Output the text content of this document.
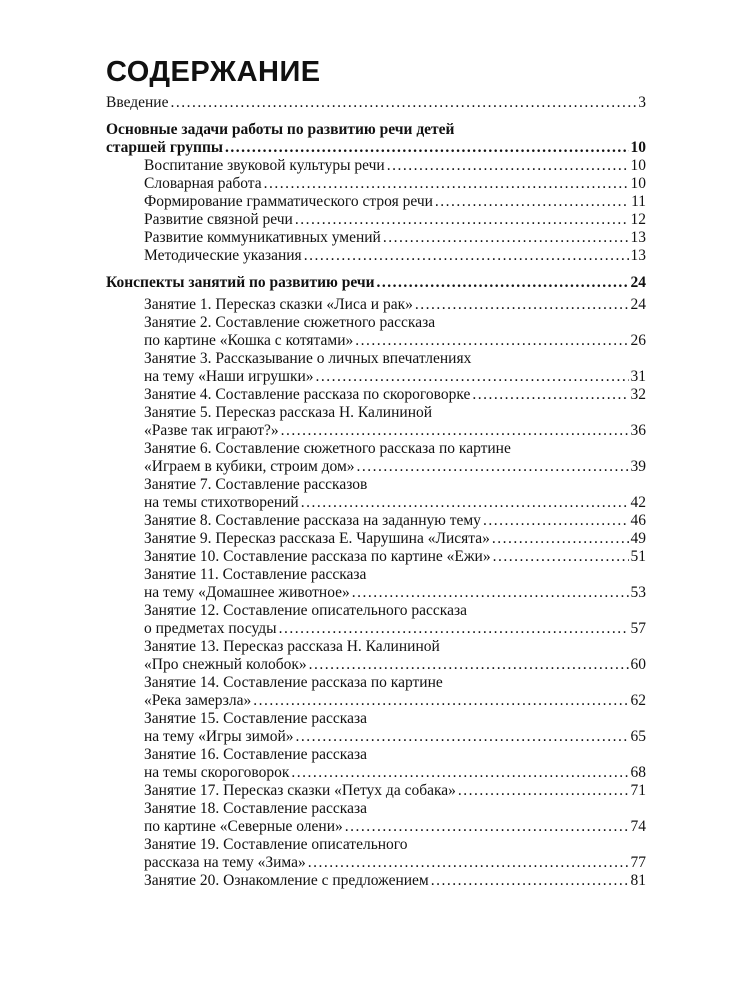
СОДЕРЖАНИЕ
Введение .....	3
Основные задачи работы по развитию речи детей
старшей группы .....	10
Воспитание звуковой культуры речи .....	10
Словарная работа .....	10
Формирование грамматического строя речи .....	11
Развитие связной речи .....	12
Развитие коммуникативных умений .....	13
Методические указания .....	13
Конспекты занятий по развитию речи .....	24
Занятие 1. Пересказ сказки «Лиса и рак» .....	24
Занятие 2. Составление сюжетного рассказа
по картине «Кошка с котятами» .....	26
Занятие 3. Рассказывание о личных впечатлениях
на тему «Наши игрушки» .....	31
Занятие 4. Составление рассказа по скороговорке .....	32
Занятие 5. Пересказ рассказа Н. Калининой
«Разве так играют?» .....	36
Занятие 6. Составление сюжетного рассказа по картине
«Играем в кубики, строим дом» .....	39
Занятие 7. Составление рассказов
на темы стихотворений .....	42
Занятие 8. Составление рассказа на заданную тему .....	46
Занятие 9. Пересказ рассказа Е. Чарушина «Лисята» .....	49
Занятие 10. Составление рассказа по картине «Ежи» .....	51
Занятие 11. Составление рассказа
на тему «Домашнее животное» .....	53
Занятие 12. Составление описательного рассказа
о предметах посуды .....	57
Занятие 13. Пересказ рассказа Н. Калининой
«Про снежный колобок» .....	60
Занятие 14. Составление рассказа по картине
«Река замерзла» .....	62
Занятие 15. Составление рассказа
на тему «Игры зимой» .....	65
Занятие 16. Составление рассказа
на темы скороговорок .....	68
Занятие 17. Пересказ сказки «Петух да собака» .....	71
Занятие 18. Составление рассказа
по картине «Северные олени» .....	74
Занятие 19. Составление описательного
рассказа на тему «Зима» .....	77
Занятие 20. Ознакомление с предложением .....	81
